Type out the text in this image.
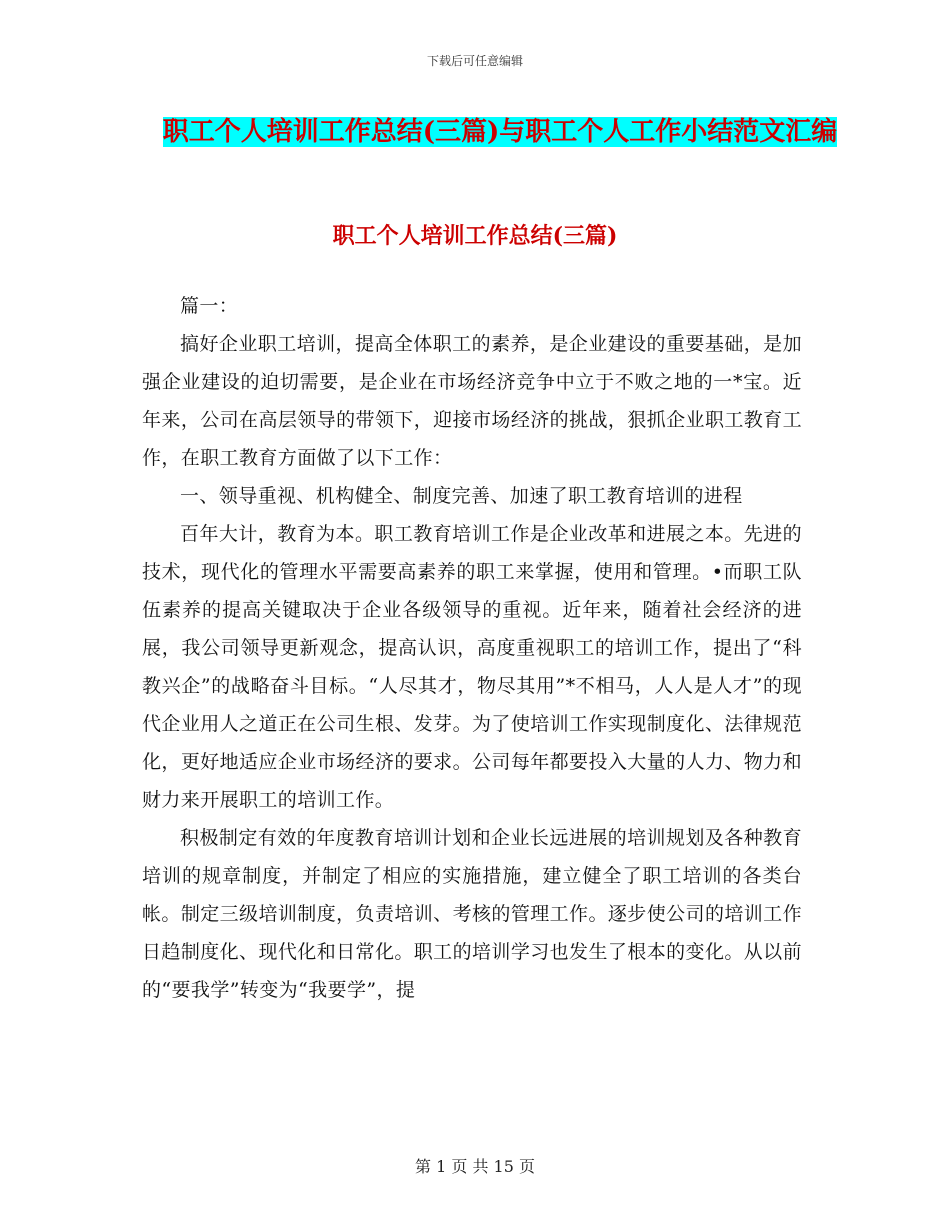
下载后可任意编辑
职工个人培训工作总结(三篇)与职工个人工作小结范文汇编
职工个人培训工作总结(三篇)

篇一：

搞好企业职工培训，提高全体职工的素养，是企业建设的重要基础，是加强企业建设的迫切需要，是企业在市场经济竞争中立于不败之地的一*宝。近年来，公司在高层领导的带领下，迎接市场经济的挑战，狠抓企业职工教育工作，在职工教育方面做了以下工作：

一、领导重视、机构健全、制度完善、加速了职工教育培训的进程

百年大计，教育为本。职工教育培训工作是企业改革和进展之本。先进的技术，现代化的管理水平需要高素养的职工来掌握，使用和管理。•而职工队伍素养的提高关键取决于企业各级领导的重视。近年来，随着社会经济的进展，我公司领导更新观念，提高认识，高度重视职工的培训工作，提出了“科教兴企”的战略奋斗目标。“人尽其才，物尽其用”*不相马，人人是人才”的现代企业用人之道正在公司生根、发芽。为了使培训工作实现制度化、法律规范化，更好地适应企业市场经济的要求。公司每年都要投入大量的人力、物力和财力来开展职工的培训工作。

积极制定有效的年度教育培训计划和企业长远进展的培训规划及各种教育培训的规章制度，并制定了相应的实施措施，建立健全了职工培训的各类台帐。制定三级培训制度，负责培训、考核的管理工作。逐步使公司的培训工作日趋制度化、现代化和日常化。职工的培训学习也发生了根本的变化。从以前的“要我学”转变为“我要学”，提

第 1 页 共 15 页
